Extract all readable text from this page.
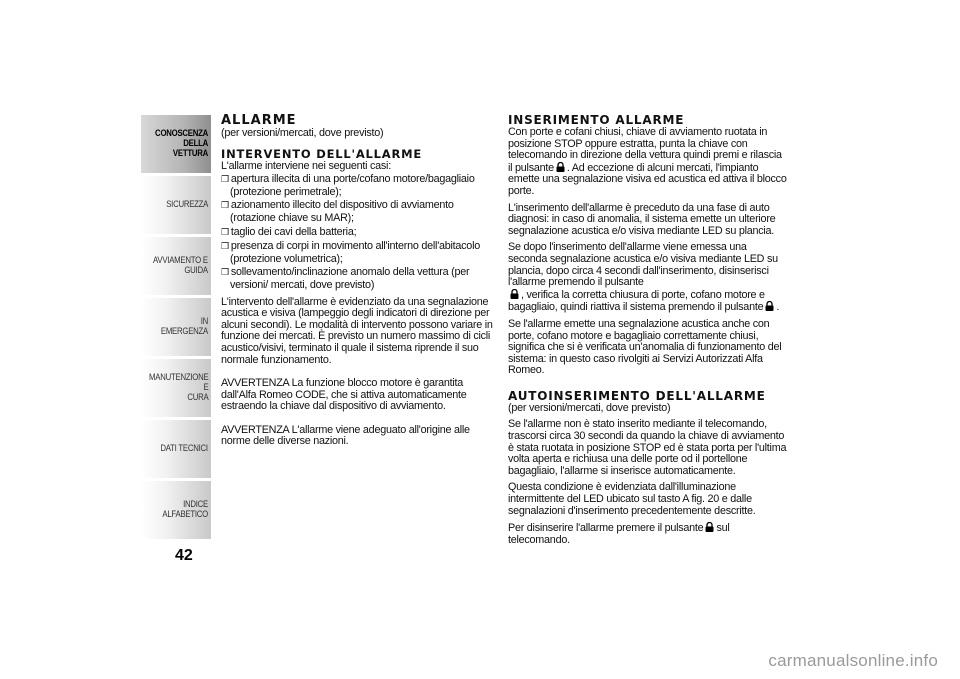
CONOSCENZA
DELLA VETTURA
SICUREZZA
AVVIAMENTO E
GUIDA
IN EMERGENZA
MANUTENZIONE E
CURA
DATI TECNICI
INDICE ALFABETICO
42
ALLARME

(per versioni/mercati, dove previsto)

INTERVENTO DELL'ALLARME

L'allarme interviene nei seguenti casi:

❒ apertura illecita di una porte/cofano motore/bagagliaio (protezione perimetrale);
❒ azionamento illecito del dispositivo di avviamento (rotazione chiave su MAR);
❒ taglio dei cavi della batteria;
❒ presenza di corpi in movimento all'interno dell'abitacolo (protezione volumetrica);
❒ sollevamento/inclinazione anomalo della vettura (per versioni/ mercati, dove previsto)

L'intervento dell'allarme è evidenziato da una segnalazione acustica e visiva (lampeggio degli indicatori di direzione per alcuni secondi). Le modalità di intervento possono variare in funzione dei mercati. È previsto un numero massimo di cicli acustico/visivi, terminato il quale il sistema riprende il suo normale funzionamento.

AVVERTENZA La funzione blocco motore è garantita dall'Alfa Romeo CODE, che si attiva automaticamente estraendo la chiave dal dispositivo di avviamento.

AVVERTENZA L'allarme viene adeguato all'origine alle norme delle diverse nazioni.

INSERIMENTO ALLARME

Con porte e cofani chiusi, chiave di avviamento ruotata in posizione STOP oppure estratta, punta la chiave con telecomando in direzione della vettura quindi premi e rilascia il pulsante . Ad eccezione di alcuni mercati, l'impianto emette una segnalazione visiva ed acustica ed attiva il blocco porte.

L'inserimento dell'allarme è preceduto da una fase di auto diagnosi: in caso di anomalia, il sistema emette un ulteriore segnalazione acustica e/o visiva mediante LED su plancia.

Se dopo l'inserimento dell'allarme viene emessa una seconda segnalazione acustica e/o visiva mediante LED su plancia, dopo circa 4 secondi dall'inserimento, disinserisci l'allarme premendo il pulsante
, verifica la corretta chiusura di porte, cofano motore e bagagliaio, quindi riattiva il sistema premendo il pulsante .

Se l'allarme emette una segnalazione acustica anche con porte, cofano motore e bagagliaio correttamente chiusi, significa che si è verificata un'anomalia di funzionamento del sistema: in questo caso rivolgiti ai Servizi Autorizzati Alfa Romeo.

AUTOINSERIMENTO DELL'ALLARME

(per versioni/mercati, dove previsto)

Se l'allarme non è stato inserito mediante il telecomando, trascorsi circa 30 secondi da quando la chiave di avviamento è stata ruotata in posizione STOP ed è stata porta per l'ultima volta aperta e richiusa una delle porte od il portellone bagagliaio, l'allarme si inserisce automaticamente.

Questa condizione è evidenziata dall'illuminazione intermittente del LED ubicato sul tasto A fig. 20 e dalle segnalazioni d'inserimento precedentemente descritte.

Per disinserire l'allarme premere il pulsante sul telecomando.

carmanualsonline.info
